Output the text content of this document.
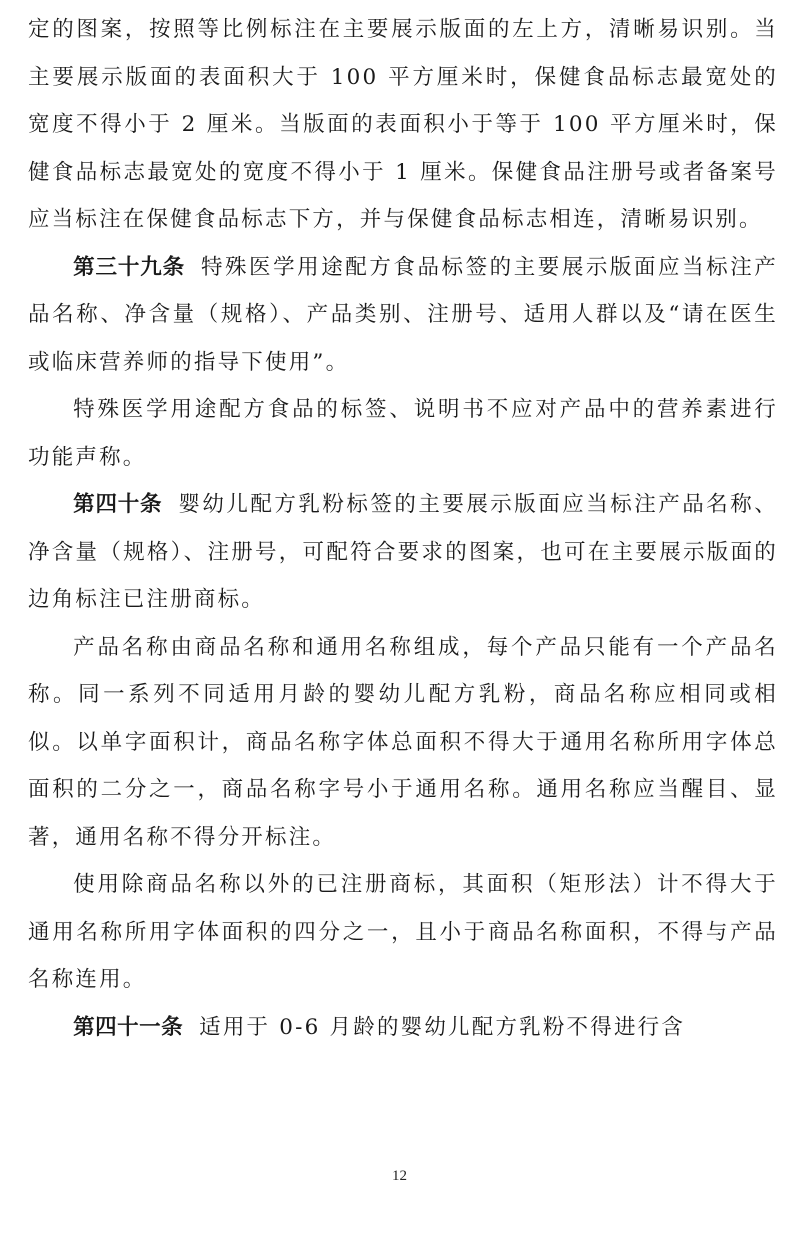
定的图案，按照等比例标注在主要展示版面的左上方，清晰易识别。当主要展示版面的表面积大于 100 平方厘米时，保健食品标志最宽处的宽度不得小于 2 厘米。当版面的表面积小于等于 100 平方厘米时，保健食品标志最宽处的宽度不得小于 1 厘米。保健食品注册号或者备案号应当标注在保健食品标志下方，并与保健食品标志相连，清晰易识别。

第三十九条 特殊医学用途配方食品标签的主要展示版面应当标注产品名称、净含量（规格）、产品类别、注册号、适用人群以及“请在医生或临床营养师的指导下使用”。

特殊医学用途配方食品的标签、说明书不应对产品中的营养素进行功能声称。

第四十条 婴幼儿配方乳粉标签的主要展示版面应当标注产品名称、净含量（规格）、注册号，可配符合要求的图案，也可在主要展示版面的边角标注已注册商标。

产品名称由商品名称和通用名称组成，每个产品只能有一个产品名称。同一系列不同适用月龄的婴幼儿配方乳粉，商品名称应相同或相似。以单字面积计，商品名称字体总面积不得大于通用名称所用字体总面积的二分之一，商品名称字号小于通用名称。通用名称应当醒目、显著，通用名称不得分开标注。

使用除商品名称以外的已注册商标，其面积（矩形法）计不得大于通用名称所用字体面积的四分之一，且小于商品名称面积，不得与产品名称连用。

第四十一条 适用于 0-6 月龄的婴幼儿配方乳粉不得进行含

12
